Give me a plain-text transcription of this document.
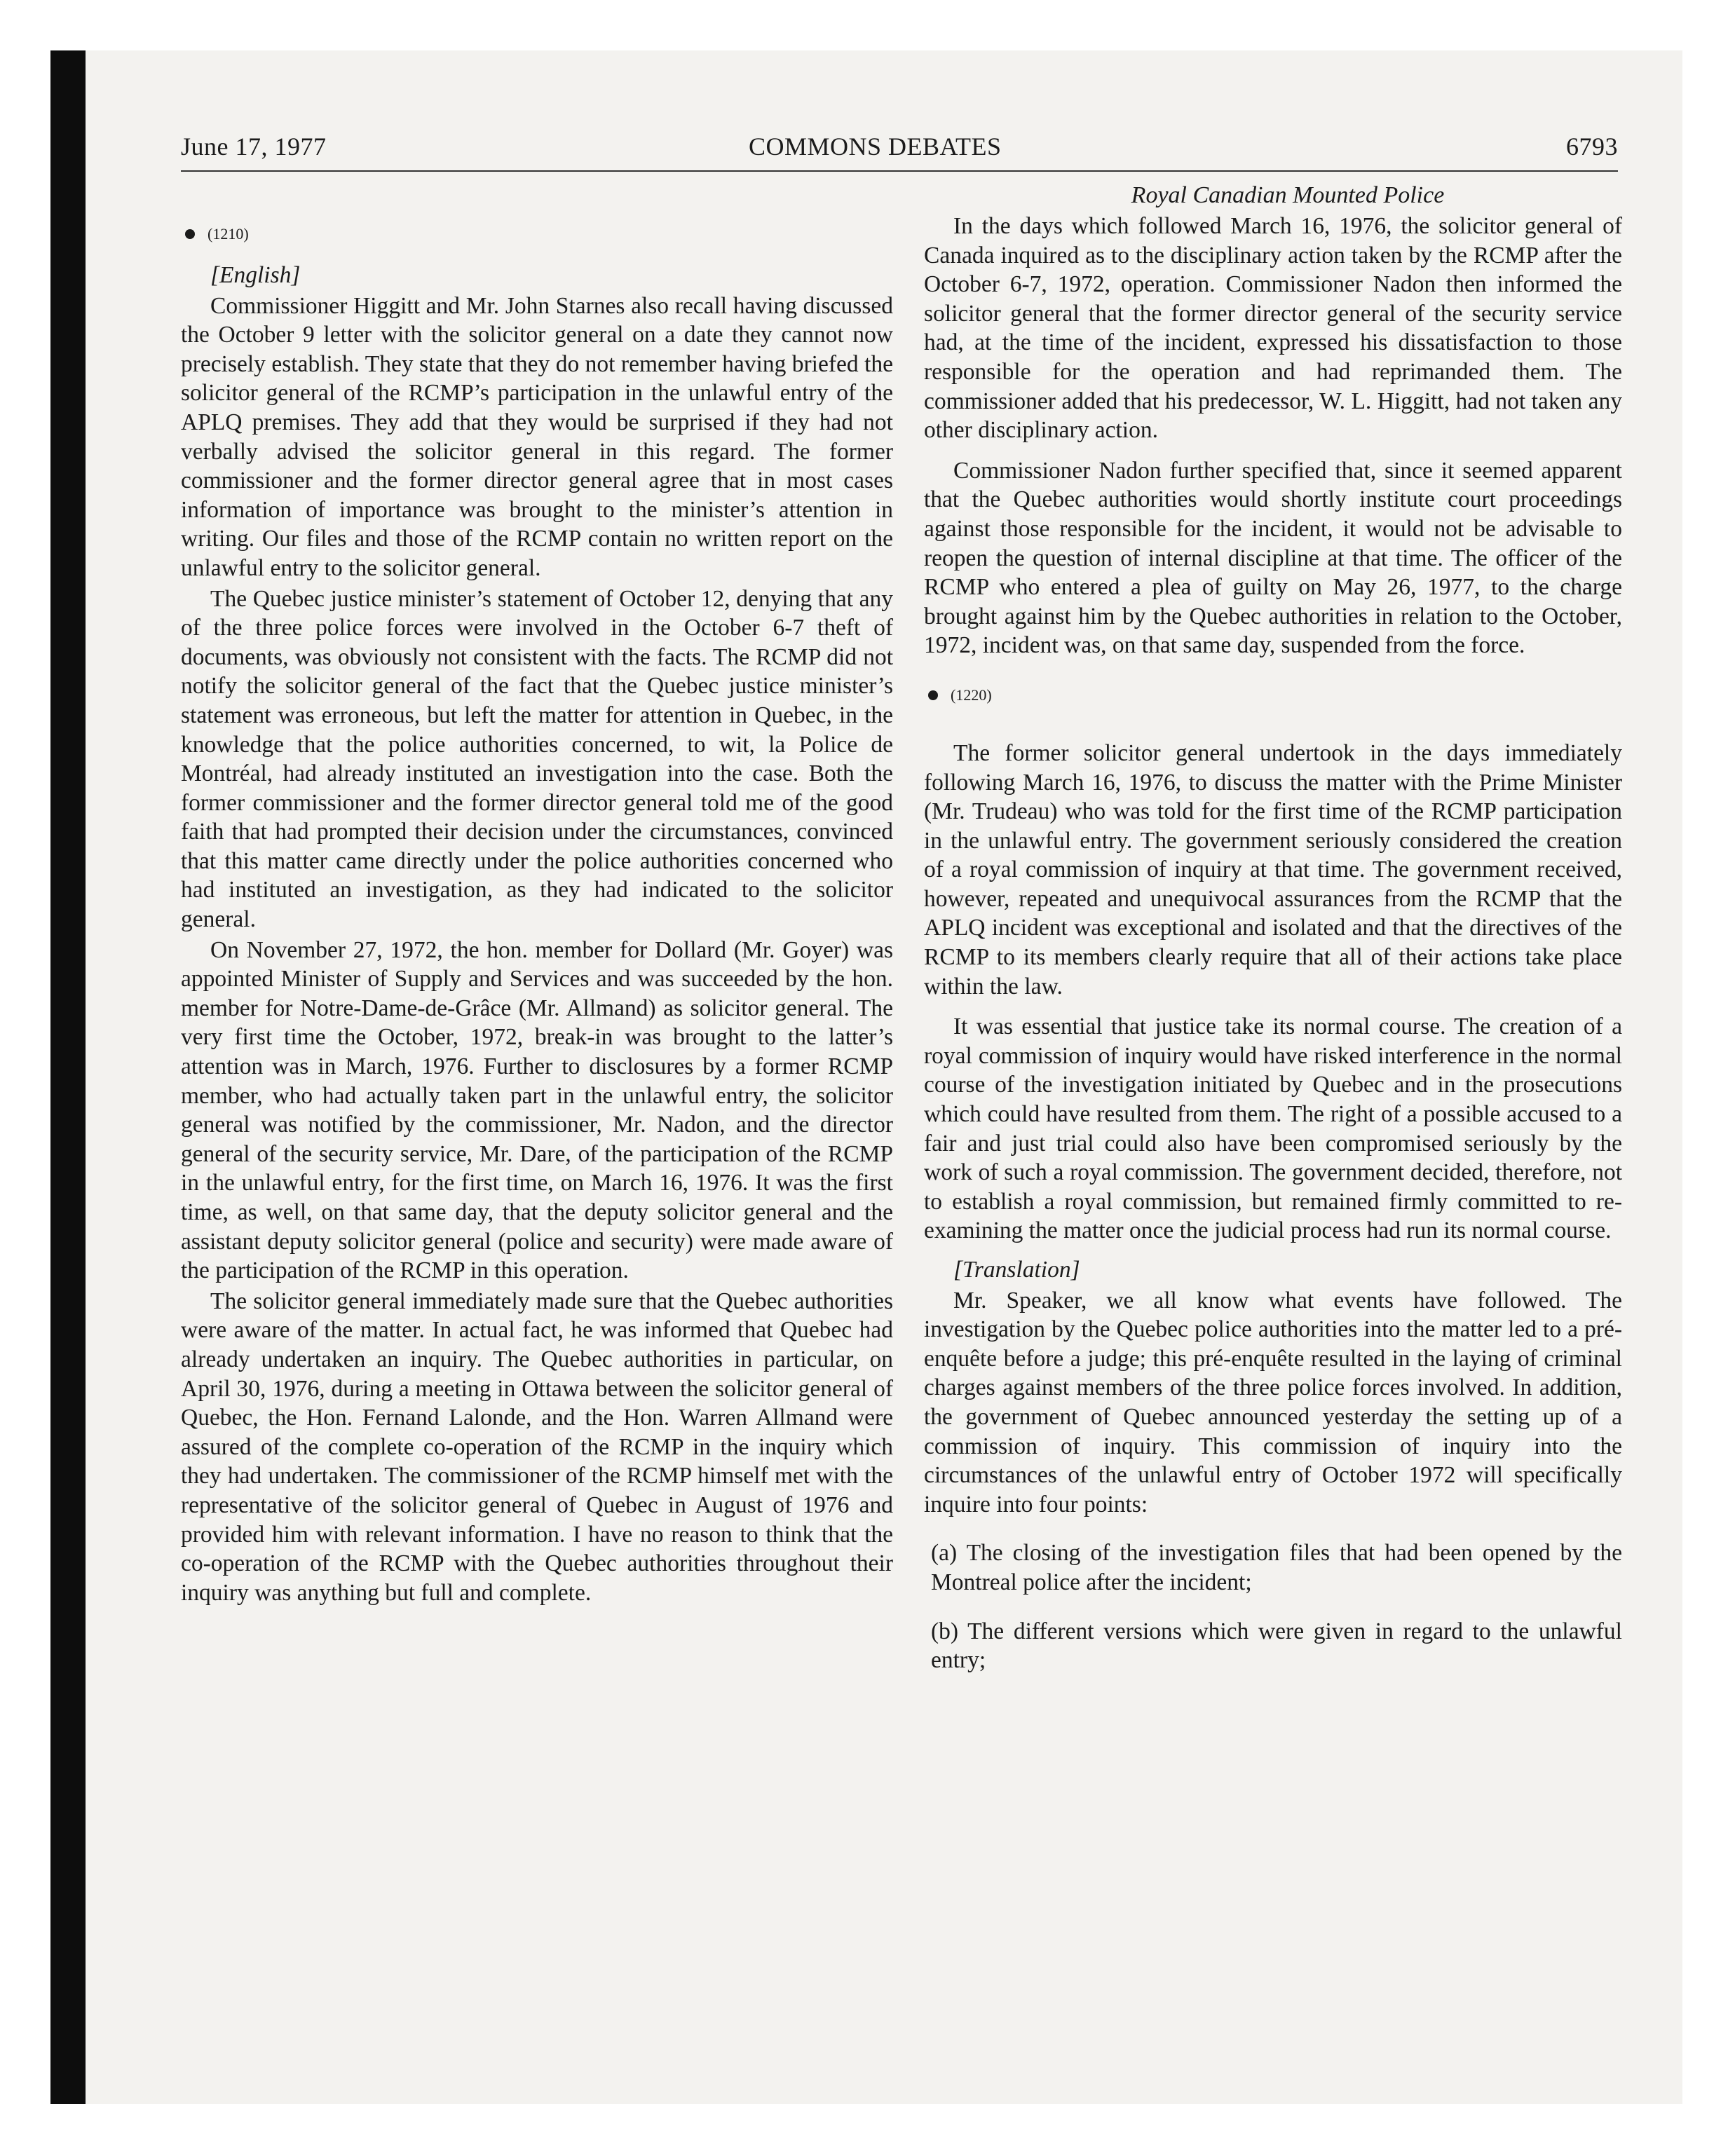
June 17, 1977	COMMONS DEBATES	6793
(1210)

[English]

Commissioner Higgitt and Mr. John Starnes also recall having discussed the October 9 letter with the solicitor general on a date they cannot now precisely establish. They state that they do not remember having briefed the solicitor general of the RCMP’s participation in the unlawful entry of the APLQ premises. They add that they would be surprised if they had not verbally advised the solicitor general in this regard. The former commissioner and the former director general agree that in most cases information of importance was brought to the minister’s attention in writing. Our files and those of the RCMP contain no written report on the unlawful entry to the solicitor general.

The Quebec justice minister’s statement of October 12, denying that any of the three police forces were involved in the October 6-7 theft of documents, was obviously not consistent with the facts. The RCMP did not notify the solicitor general of the fact that the Quebec justice minister’s statement was erroneous, but left the matter for attention in Quebec, in the knowledge that the police authorities concerned, to wit, la Police de Montréal, had already instituted an investigation into the case. Both the former commissioner and the former director general told me of the good faith that had prompted their decision under the circumstances, convinced that this matter came directly under the police authorities concerned who had instituted an investigation, as they had indicated to the solicitor general.

On November 27, 1972, the hon. member for Dollard (Mr. Goyer) was appointed Minister of Supply and Services and was succeeded by the hon. member for Notre-Dame-de-Grâce (Mr. Allmand) as solicitor general. The very first time the October, 1972, break-in was brought to the latter’s attention was in March, 1976. Further to disclosures by a former RCMP member, who had actually taken part in the unlawful entry, the solicitor general was notified by the commissioner, Mr. Nadon, and the director general of the security service, Mr. Dare, of the participation of the RCMP in the unlawful entry, for the first time, on March 16, 1976. It was the first time, as well, on that same day, that the deputy solicitor general and the assistant deputy solicitor general (police and security) were made aware of the participation of the RCMP in this operation.

The solicitor general immediately made sure that the Quebec authorities were aware of the matter. In actual fact, he was informed that Quebec had already undertaken an inquiry. The Quebec authorities in particular, on April 30, 1976, during a meeting in Ottawa between the solicitor general of Quebec, the Hon. Fernand Lalonde, and the Hon. Warren Allmand were assured of the complete co-operation of the RCMP in the inquiry which they had undertaken. The commissioner of the RCMP himself met with the representative of the solicitor general of Quebec in August of 1976 and provided him with relevant information. I have no reason to think that the co-operation of the RCMP with the Quebec authorities throughout their inquiry was anything but full and complete.

Royal Canadian Mounted Police

In the days which followed March 16, 1976, the solicitor general of Canada inquired as to the disciplinary action taken by the RCMP after the October 6-7, 1972, operation. Commissioner Nadon then informed the solicitor general that the former director general of the security service had, at the time of the incident, expressed his dissatisfaction to those responsible for the operation and had reprimanded them. The commissioner added that his predecessor, W. L. Higgitt, had not taken any other disciplinary action.

Commissioner Nadon further specified that, since it seemed apparent that the Quebec authorities would shortly institute court proceedings against those responsible for the incident, it would not be advisable to reopen the question of internal discipline at that time. The officer of the RCMP who entered a plea of guilty on May 26, 1977, to the charge brought against him by the Quebec authorities in relation to the October, 1972, incident was, on that same day, suspended from the force.

(1220)

The former solicitor general undertook in the days immediately following March 16, 1976, to discuss the matter with the Prime Minister (Mr. Trudeau) who was told for the first time of the RCMP participation in the unlawful entry. The government seriously considered the creation of a royal commission of inquiry at that time. The government received, however, repeated and unequivocal assurances from the RCMP that the APLQ incident was exceptional and isolated and that the directives of the RCMP to its members clearly require that all of their actions take place within the law.

It was essential that justice take its normal course. The creation of a royal commission of inquiry would have risked interference in the normal course of the investigation initiated by Quebec and in the prosecutions which could have resulted from them. The right of a possible accused to a fair and just trial could also have been compromised seriously by the work of such a royal commission. The government decided, therefore, not to establish a royal commission, but remained firmly committed to re-examining the matter once the judicial process had run its normal course.

[Translation]

Mr. Speaker, we all know what events have followed. The investigation by the Quebec police authorities into the matter led to a pré-enquête before a judge; this pré-enquête resulted in the laying of criminal charges against members of the three police forces involved. In addition, the government of Quebec announced yesterday the setting up of a commission of inquiry. This commission of inquiry into the circumstances of the unlawful entry of October 1972 will specifically inquire into four points:

(a) The closing of the investigation files that had been opened by the Montreal police after the incident;

(b) The different versions which were given in regard to the unlawful entry;
